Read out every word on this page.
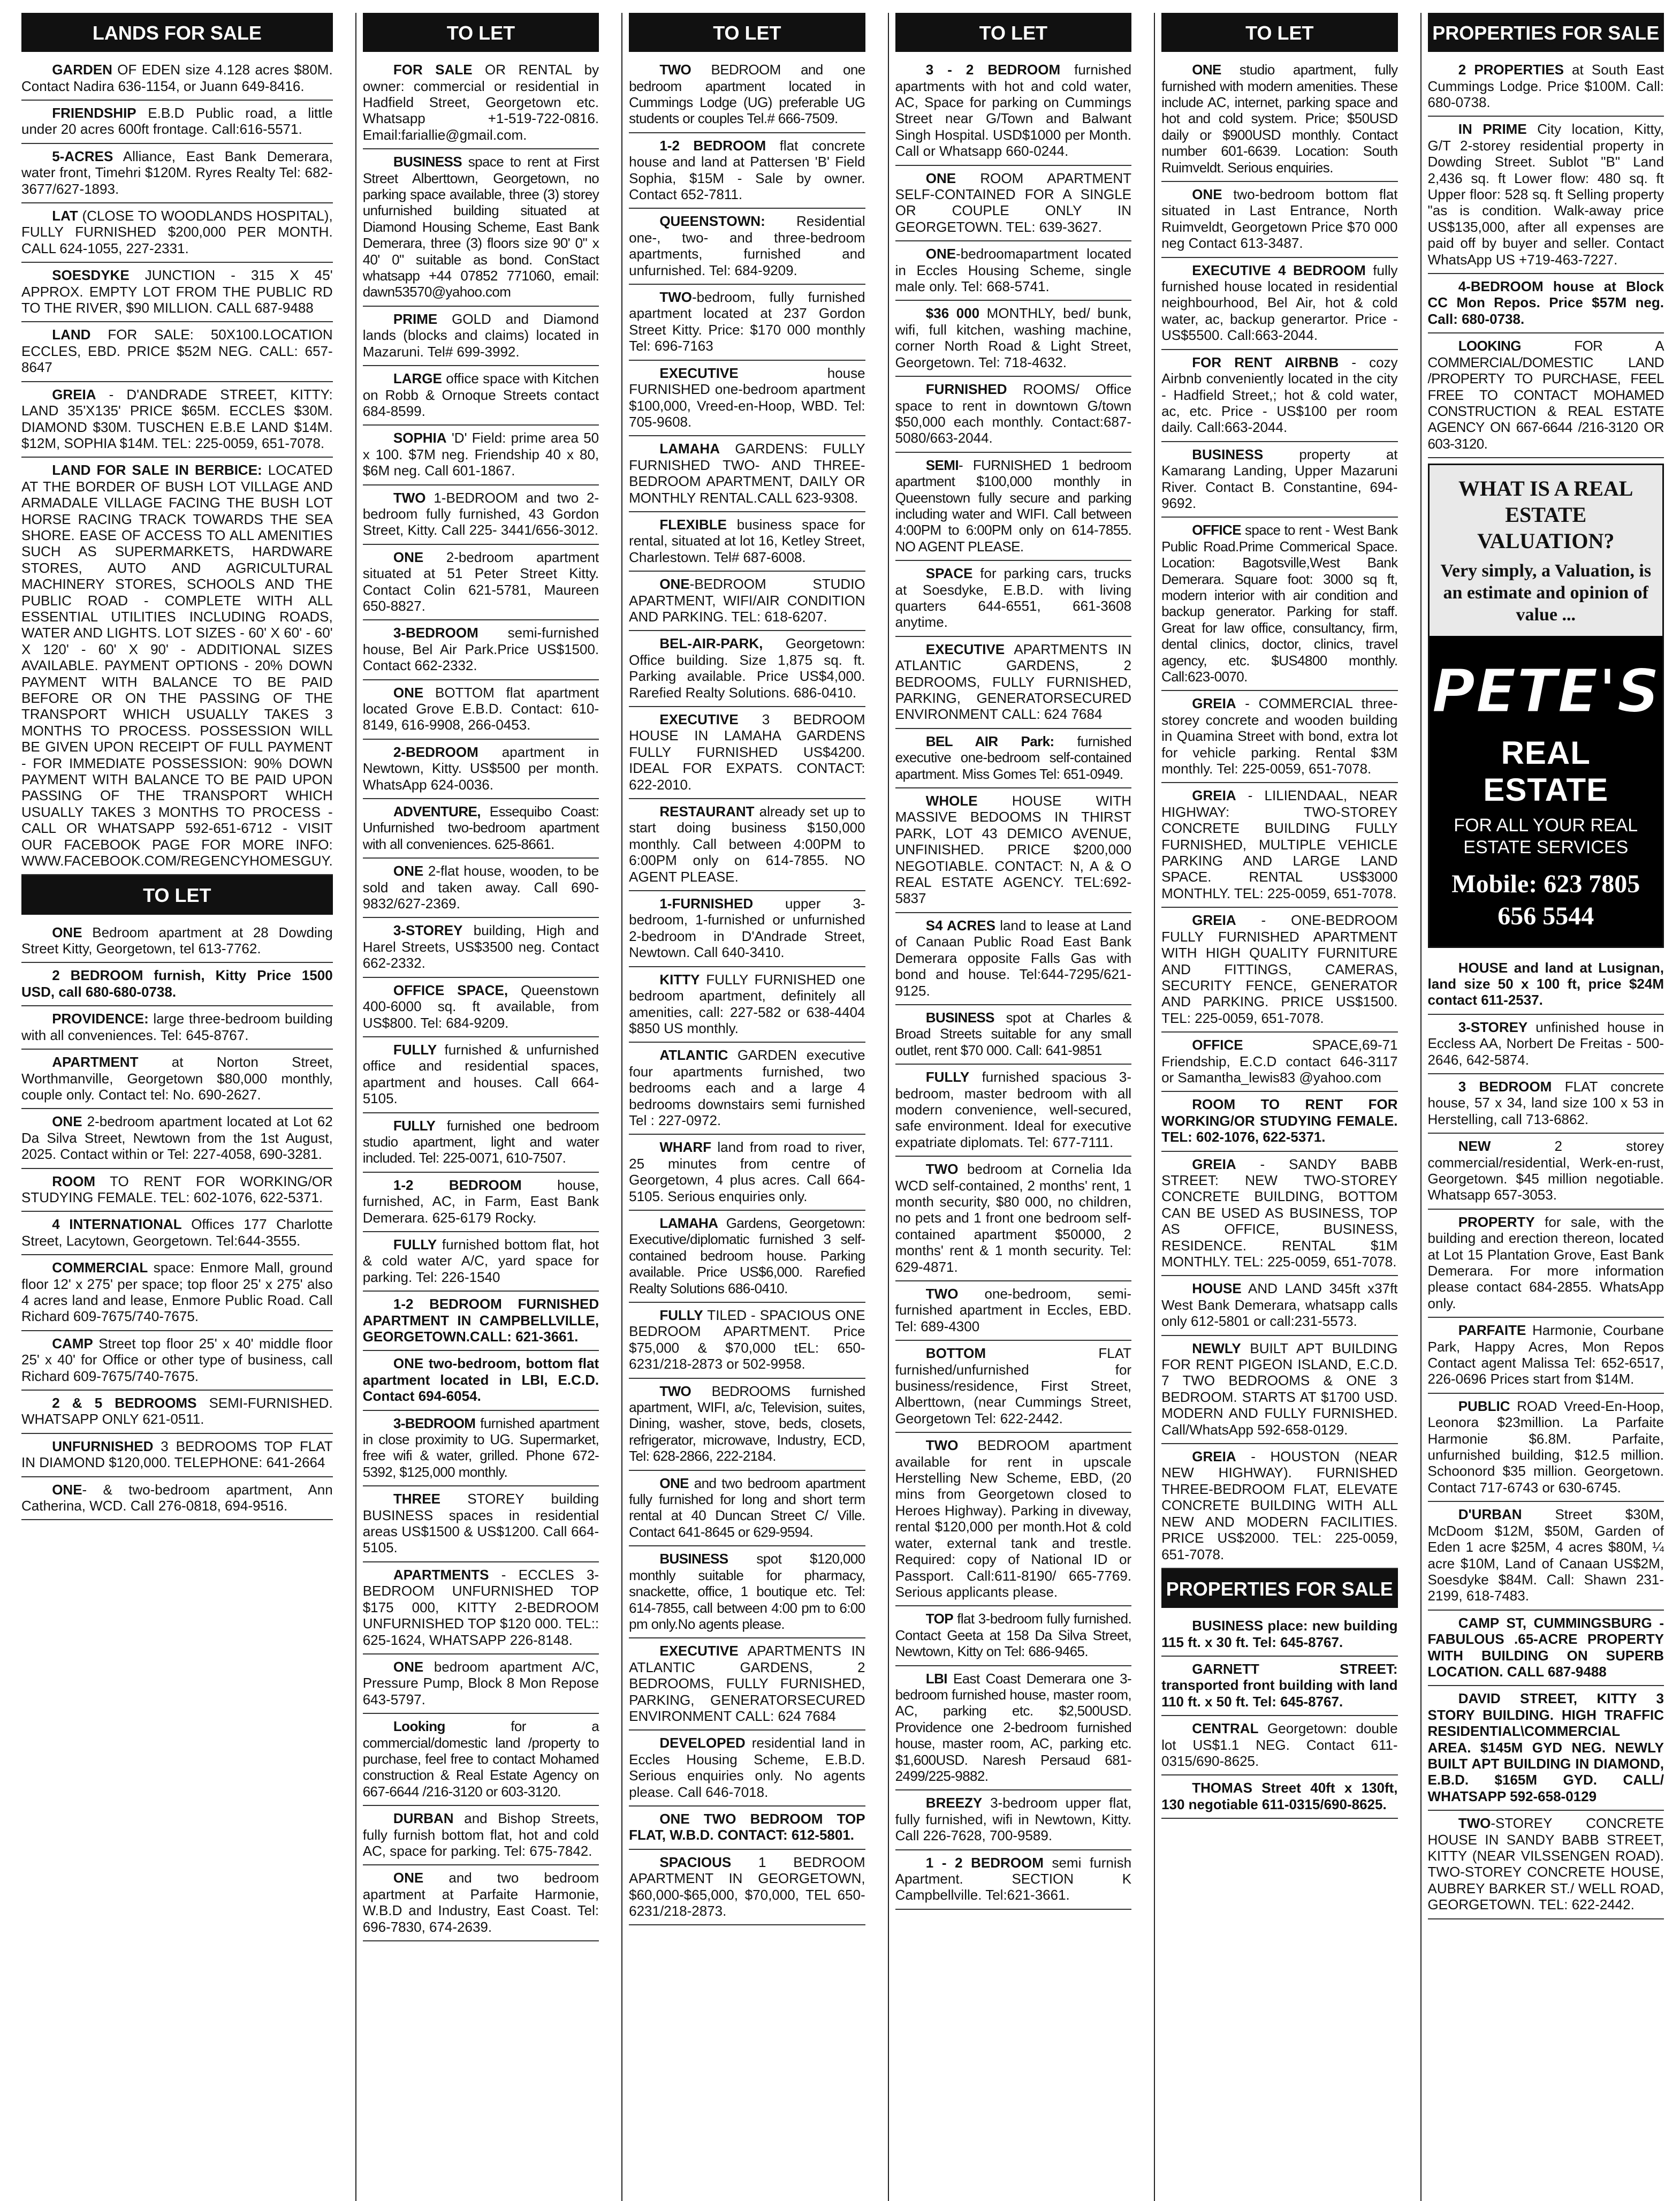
LANDS FOR SALE

GARDEN OF EDEN size 4.128 acres $80M. Contact Nadira 636-1154, or Juann 649-8416.

FRIENDSHIP E.B.D Public road, a little under 20 acres 600ft frontage. Call:616-5571.

5-ACRES Alliance, East Bank Demerara, water front, Timehri $120M. Ryres Realty Tel: 682-3677/627-1893.

LAT (CLOSE TO WOODLANDS HOSPITAL), FULLY FURNISHED $200,000 PER MONTH. CALL 624-1055, 227-2331.

SOESDYKE JUNCTION - 315 X 45' APPROX. EMPTY LOT FROM THE PUBLIC RD TO THE RIVER, $90 MILLION. CALL 687-9488

LAND FOR SALE: 50X100.LOCATION ECCLES, EBD. PRICE $52M NEG. CALL: 657-8647

GREIA - D'ANDRADE STREET, KITTY: LAND 35'X135' PRICE $65M. ECCLES $30M. DIAMOND $30M. TUSCHEN E.B.E LAND $14M. $12M, SOPHIA $14M. TEL: 225-0059, 651-7078.

LAND FOR SALE IN BERBICE: LOCATED AT THE BORDER OF BUSH LOT VILLAGE AND ARMADALE VILLAGE FACING THE BUSH LOT HORSE RACING TRACK TOWARDS THE SEA SHORE. EASE OF ACCESS TO ALL AMENITIES SUCH AS SUPERMARKETS, HARDWARE STORES, AUTO AND AGRICULTURAL MACHINERY STORES, SCHOOLS AND THE PUBLIC ROAD - COMPLETE WITH ALL ESSENTIAL UTILITIES INCLUDING ROADS, WATER AND LIGHTS. LOT SIZES - 60' X 60' - 60' X 120' - 60' X 90' - ADDITIONAL SIZES AVAILABLE. PAYMENT OPTIONS - 20% DOWN PAYMENT WITH BALANCE TO BE PAID BEFORE OR ON THE PASSING OF THE TRANSPORT WHICH USUALLY TAKES 3 MONTHS TO PROCESS. POSSESSION WILL BE GIVEN UPON RECEIPT OF FULL PAYMENT - FOR IMMEDIATE POSSESSION: 90% DOWN PAYMENT WITH BALANCE TO BE PAID UPON PASSING OF THE TRANSPORT WHICH USUALLY TAKES 3 MONTHS TO PROCESS - CALL OR WHATSAPP 592-651-6712 - VISIT OUR FACEBOOK PAGE FOR MORE INFO: WWW.FACEBOOK.COM/REGENCYHOMESGUY.

TO LET

ONE Bedroom apartment at 28 Dowding Street Kitty, Georgetown, tel 613-7762.

2 BEDROOM furnish, Kitty Price 1500 USD, call 680-680-0738.

PROVIDENCE: large three-bedroom building with all conveniences. Tel: 645-8767.

APARTMENT at Norton Street, Worthmanville, Georgetown $80,000 monthly, couple only. Contact tel: No. 690-2627.

ONE 2-bedroom apartment located at Lot 62 Da Silva Street, Newtown from the 1st August, 2025. Contact within or Tel: 227-4058, 690-3281.

ROOM TO RENT FOR WORKING/OR STUDYING FEMALE. TEL: 602-1076, 622-5371.

4 INTERNATIONAL Offices 177 Charlotte Street, Lacytown, Georgetown. Tel:644-3555.

COMMERCIAL space: Enmore Mall, ground floor 12' x 275' per space; top floor 25' x 275' also 4 acres land and lease, Enmore Public Road. Call Richard 609-7675/740-7675.

CAMP Street top floor 25' x 40' middle floor 25' x 40' for Office or other type of business, call Richard 609-7675/740-7675.

2 & 5 BEDROOMS SEMI-FURNISHED. WHATSAPP ONLY 621-0511.

UNFURNISHED 3 BEDROOMS TOP FLAT IN DIAMOND $120,000. TELEPHONE: 641-2664

ONE- & two-bedroom apartment, Ann Catherina, WCD. Call 276-0818, 694-9516.

TO LET

FOR SALE OR RENTAL by owner: commercial or residential in Hadfield Street, Georgetown etc. Whatsapp +1-519-722-0816. Email:fariallie@gmail.com.

BUSINESS space to rent at First Street Alberttown, Georgetown, no parking space available, three (3) storey unfurnished building situated at Diamond Housing Scheme, East Bank Demerara, three (3) floors size 90' 0" x 40' 0" suitable as bond. ConStact whatsapp +44 07852 771060, email: dawn53570@yahoo.com

PRIME GOLD and Diamond lands (blocks and claims) located in Mazaruni. Tel# 699-3992.

LARGE office space with Kitchen on Robb & Ornoque Streets contact 684-8599.

SOPHIA 'D' Field: prime area 50 x 100. $7M neg. Friendship 40 x 80, $6M neg. Call 601-1867.

TWO 1-BEDROOM and two 2-bedroom fully furnished, 43 Gordon Street, Kitty. Call 225- 3441/656-3012.

ONE 2-bedroom apartment situated at 51 Peter Street Kitty. Contact Colin 621-5781, Maureen 650-8827.

3-BEDROOM semi-furnished house, Bel Air Park.Price US$1500. Contact 662-2332.

ONE BOTTOM flat apartment located Grove E.B.D. Contact: 610-8149, 616-9908, 266-0453.

2-BEDROOM apartment in Newtown, Kitty. US$500 per month. WhatsApp 624-0036.

ADVENTURE, Essequibo Coast: Unfurnished two-bedroom apartment with all conveniences. 625-8661.

ONE 2-flat house, wooden, to be sold and taken away. Call 690-9832/627-2369.

3-STOREY building, High and Harel Streets, US$3500 neg. Contact 662-2332.

OFFICE SPACE, Queenstown 400-6000 sq. ft available, from US$800. Tel: 684-9209.

FULLY furnished & unfurnished office and residential spaces, apartment and houses. Call 664-5105.

FULLY furnished one bedroom studio apartment, light and water included. Tel: 225-0071, 610-7507.

1-2 BEDROOM house, furnished, AC, in Farm, East Bank Demerara. 625-6179 Rocky.

FULLY furnished bottom flat, hot & cold water A/C, yard space for parking. Tel: 226-1540

1-2 BEDROOM FURNISHED APARTMENT IN CAMPBELLVILLE, GEORGETOWN.CALL: 621-3661.

ONE two-bedroom, bottom flat apartment located in LBI, E.C.D. Contact 694-6054.

3-BEDROOM furnished apartment in close proximity to UG. Supermarket, free wifi & water, grilled. Phone 672-5392, $125,000 monthly.

THREE STOREY building BUSINESS spaces in residential areas US$1500 & US$1200. Call 664-5105.

APARTMENTS - ECCLES 3-BEDROOM UNFURNISHED TOP $175 000, KITTY 2-BEDROOM UNFURNISHED TOP $120 000. TEL:: 625-1624, WHATSAPP 226-8148.

ONE bedroom apartment A/C, Pressure Pump, Block 8 Mon Repose 643-5797.

Looking for a commercial/domestic land /property to purchase, feel free to contact Mohamed construction & Real Estate Agency on 667-6644 /216-3120 or 603-3120.

DURBAN and Bishop Streets, fully furnish bottom flat, hot and cold AC, space for parking. Tel: 675-7842.

ONE and two bedroom apartment at Parfaite Harmonie, W.B.D and Industry, East Coast. Tel: 696-7830, 674-2639.

TO LET

TWO BEDROOM and one bedroom apartment located in Cummings Lodge (UG) preferable UG students or couples Tel.# 666-7509.

1-2 BEDROOM flat concrete house and land at Pattersen 'B' Field Sophia, $15M - Sale by owner. Contact 652-7811.

QUEENSTOWN: Residential one-, two- and three-bedroom apartments, furnished and unfurnished. Tel: 684-9209.

TWO-bedroom, fully furnished apartment located at 237 Gordon Street Kitty. Price: $170 000 monthly Tel: 696-7163

EXECUTIVE house FURNISHED one-bedroom apartment $100,000, Vreed-en-Hoop, WBD. Tel: 705-9608.

LAMAHA GARDENS: FULLY FURNISHED TWO- AND THREE-BEDROOM APARTMENT, DAILY OR MONTHLY RENTAL.CALL 623-9308.

FLEXIBLE business space for rental, situated at lot 16, Ketley Street, Charlestown. Tel# 687-6008.

ONE-BEDROOM STUDIO APARTMENT, WIFI/AIR CONDITION AND PARKING. TEL: 618-6207.

BEL-AIR-PARK, Georgetown: Office building. Size 1,875 sq. ft. Parking available. Price US$4,000. Rarefied Realty Solutions. 686-0410.

EXECUTIVE 3 BEDROOM HOUSE IN LAMAHA GARDENS FULLY FURNISHED US$4200. IDEAL FOR EXPATS. CONTACT: 622-2010.

RESTAURANT already set up to start doing business $150,000 monthly. Call between 4:00PM to 6:00PM only on 614-7855. NO AGENT PLEASE.

1-FURNISHED upper 3-bedroom, 1-furnished or unfurnished 2-bedroom in D'Andrade Street, Newtown. Call 640-3410.

KITTY FULLY FURNISHED one bedroom apartment, definitely all amenities, call: 227-582 or 638-4404 $850 US monthly.

ATLANTIC GARDEN executive four apartments furnished, two bedrooms each and a large 4 bedrooms downstairs semi furnished Tel : 227-0972.

WHARF land from road to river, 25 minutes from centre of Georgetown, 4 plus acres. Call 664-5105. Serious enquiries only.

LAMAHA Gardens, Georgetown: Executive/diplomatic furnished 3 self-contained bedroom house. Parking available. Price US$6,000. Rarefied Realty Solutions 686-0410.

FULLY TILED - SPACIOUS ONE BEDROOM APARTMENT. Price $75,000 & $70,000 tEL: 650-6231/218-2873 or 502-9958.

TWO BEDROOMS furnished apartment, WIFI, a/c, Television, suites, Dining, washer, stove, beds, closets, refrigerator, microwave, Industry, ECD, Tel: 628-2866, 222-2184.

ONE and two bedroom apartment fully furnished for long and short term rental at 40 Duncan Street C/ Ville. Contact 641-8645 or 629-9594.

BUSINESS spot $120,000 monthly suitable for pharmacy, snackette, office, 1 boutique etc. Tel: 614-7855, call between 4:00 pm to 6:00 pm only.No agents please.

EXECUTIVE APARTMENTS IN ATLANTIC GARDENS, 2 BEDROOMS, FULLY FURNISHED, PARKING, GENERATORSECURED ENVIRONMENT CALL: 624 7684

DEVELOPED residential land in Eccles Housing Scheme, E.B.D. Serious enquiries only. No agents please. Call 646-7018.

ONE TWO BEDROOM TOP FLAT, W.B.D. CONTACT: 612-5801.

SPACIOUS 1 BEDROOM APARTMENT IN GEORGETOWN, $60,000-$65,000, $70,000, TEL 650-6231/218-2873.

TO LET

3 - 2 BEDROOM furnished apartments with hot and cold water, AC, Space for parking on Cummings Street near G/Town and Balwant Singh Hospital. USD$1000 per Month. Call or Whatsapp 660-0244.

ONE ROOM APARTMENT SELF-CONTAINED FOR A SINGLE OR COUPLE ONLY IN GEORGETOWN. TEL: 639-3627.

ONE-bedroomapartment located in Eccles Housing Scheme, single male only. Tel: 668-5741.

$36 000 MONTHLY, bed/ bunk, wifi, full kitchen, washing machine, corner North Road & Light Street, Georgetown. Tel: 718-4632.

FURNISHED ROOMS/ Office space to rent in downtown G/town $50,000 each monthly. Contact:687-5080/663-2044.

SEMI- FURNISHED 1 bedroom apartment $100,000 monthly in Queenstown fully secure and parking including water and WIFI. Call between 4:00PM to 6:00PM only on 614-7855. NO AGENT PLEASE.

SPACE for parking cars, trucks at Soesdyke, E.B.D. with living quarters 644-6551, 661-3608 anytime.

EXECUTIVE APARTMENTS IN ATLANTIC GARDENS, 2 BEDROOMS, FULLY FURNISHED, PARKING, GENERATORSECURED ENVIRONMENT CALL: 624 7684

BEL AIR Park: furnished executive one-bedroom self-contained apartment. Miss Gomes Tel: 651-0949.

WHOLE HOUSE WITH MASSIVE BEDOOMS IN THIRST PARK, LOT 43 DEMICO AVENUE, UNFINISHED. PRICE $200,000 NEGOTIABLE. CONTACT: N, A & O REAL ESTATE AGENCY. TEL:692-5837

S4 ACRES land to lease at Land of Canaan Public Road East Bank Demerara opposite Falls Gas with bond and house. Tel:644-7295/621-9125.

BUSINESS spot at Charles & Broad Streets suitable for any small outlet, rent $70 000. Call: 641-9851

FULLY furnished spacious 3-bedroom, master bedroom with all modern convenience, well-secured, safe environment. Ideal for executive expatriate diplomats. Tel: 677-7111.

TWO bedroom at Cornelia Ida WCD self-contained, 2 months' rent, 1 month security, $80 000, no children, no pets and 1 front one bedroom self-contained apartment $50000, 2 months' rent & 1 month security. Tel: 629-4871.

TWO one-bedroom, semi-furnished apartment in Eccles, EBD. Tel: 689-4300

BOTTOM FLAT furnished/unfurnished for business/residence, First Street, Alberttown, (near Cummings Street, Georgetown Tel: 622-2442.

TWO BEDROOM apartment available for rent in upscale Herstelling New Scheme, EBD, (20 mins from Georgetown closed to Heroes Highway). Parking in diveway, rental $120,000 per month.Hot & cold water, external tank and trestle. Required: copy of National ID or Passport. Call:611-8190/ 665-7769. Serious applicants please.

TOP flat 3-bedroom fully furnished. Contact Geeta at 158 Da Silva Street, Newtown, Kitty on Tel: 686-9465.

LBI East Coast Demerara one 3-bedroom furnished house, master room, AC, parking etc. $2,500USD. Providence one 2-bedroom furnished house, master room, AC, parking etc. $1,600USD. Naresh Persaud 681-2499/225-9882.

BREEZY 3-bedroom upper flat, fully furnished, wifi in Newtown, Kitty. Call 226-7628, 700-9589.

1 - 2 BEDROOM semi furnish Apartment. SECTION K Campbellville. Tel:621-3661.

TO LET

ONE studio apartment, fully furnished with modern amenities. These include AC, internet, parking space and hot and cold system. Price; $50USD daily or $900USD monthly. Contact number 601-6639. Location: South Ruimveldt. Serious enquiries.

ONE two-bedroom bottom flat situated in Last Entrance, North Ruimveldt, Georgetown Price $70 000 neg Contact 613-3487.

EXECUTIVE 4 BEDROOM fully furnished house located in residential neighbourhood, Bel Air, hot & cold water, ac, backup generartor. Price - US$5500. Call:663-2044.

FOR RENT AIRBNB - cozy Airbnb conveniently located in the city - Hadfield Street,; hot & cold water, ac, etc. Price - US$100 per room daily. Call:663-2044.

BUSINESS property at Kamarang Landing, Upper Mazaruni River. Contact B. Constantine, 694-9692.

OFFICE space to rent - West Bank Public Road.Prime Commerical Space. Location: Bagotsville,West Bank Demerara. Square foot: 3000 sq ft, modern interior with air condition and backup generator. Parking for staff. Great for law office, consultancy, firm, dental clinics, doctor, clinics, travel agency, etc. $US4800 monthly. Call:623-0070.

GREIA - COMMERCIAL three-storey concrete and wooden building in Quamina Street with bond, extra lot for vehicle parking. Rental $3M monthly. Tel: 225-0059, 651-7078.

GREIA - LILIENDAAL, NEAR HIGHWAY: TWO-STOREY CONCRETE BUILDING FULLY FURNISHED, MULTIPLE VEHICLE PARKING AND LARGE LAND SPACE. RENTAL US$3000 MONTHLY. TEL: 225-0059, 651-7078.

GREIA - ONE-BEDROOM FULLY FURNISHED APARTMENT WITH HIGH QUALITY FURNITURE AND FITTINGS, CAMERAS, SECURITY FENCE, GENERATOR AND PARKING. PRICE US$1500. TEL: 225-0059, 651-7078.

OFFICE SPACE,69-71 Friendship, E.C.D contact 646-3117 or Samantha_lewis83 @yahoo.com

ROOM TO RENT FOR WORKING/OR STUDYING FEMALE. TEL: 602-1076, 622-5371.

GREIA - SANDY BABB STREET: NEW TWO-STOREY CONCRETE BUILDING, BOTTOM CAN BE USED AS BUSINESS, TOP AS OFFICE, BUSINESS, RESIDENCE. RENTAL $1M MONTHLY. TEL: 225-0059, 651-7078.

HOUSE AND LAND 345ft x37ft West Bank Demerara, whatsapp calls only 612-5801 or call:231-5573.

NEWLY BUILT APT BUILDING FOR RENT PIGEON ISLAND, E.C.D. 7 TWO BEDROOMS & ONE 3 BEDROOM. STARTS AT $1700 USD. MODERN AND FULLY FURNISHED. Call/WhatsApp 592-658-0129.

GREIA - HOUSTON (NEAR NEW HIGHWAY). FURNISHED THREE-BEDROOM FLAT, ELEVATE CONCRETE BUILDING WITH ALL NEW AND MODERN FACILITIES. PRICE US$2000. TEL: 225-0059, 651-7078.

PROPERTIES FOR SALE

BUSINESS place: new building 115 ft. x 30 ft. Tel: 645-8767.

GARNETT STREET: transported front building with land 110 ft. x 50 ft. Tel: 645-8767.

CENTRAL Georgetown: double lot US$1.1 NEG. Contact 611-0315/690-8625.

THOMAS Street 40ft x 130ft, 130 negotiable 611-0315/690-8625.

PROPERTIES FOR SALE

2 PROPERTIES at South East Cummings Lodge. Price $100M. Call: 680-0738.

IN PRIME City location, Kitty, G/T 2-storey residential property in Dowding Street. Sublot "B" Land 2,436 sq. ft Lower flow: 480 sq. ft Upper floor: 528 sq. ft Selling property "as is condition. Walk-away price US$135,000, after all expenses are paid off by buyer and seller. Contact WhatsApp US +719-463-7227.

4-BEDROOM house at Block CC Mon Repos. Price $57M neg. Call: 680-0738.

LOOKING FOR A COMMERCIAL/DOMESTIC LAND /PROPERTY TO PURCHASE, FEEL FREE TO CONTACT MOHAMED CONSTRUCTION & REAL ESTATE AGENCY ON 667-6644 /216-3120 OR 603-3120.

WHAT IS A REAL ESTATE VALUATION?
Very simply, a Valuation, is an estimate and opinion of value ...
PETE'S
REAL ESTATE
FOR ALL YOUR REAL ESTATE SERVICES
Mobile: 623 7805 656 5544

HOUSE and land at Lusignan, land size 50 x 100 ft, price $24M contact 611-2537.

3-STOREY unfinished house in Eccless AA, Norbert De Freitas - 500-2646, 642-5874.

3 BEDROOM FLAT concrete house, 57 x 34, land size 100 x 53 in Herstelling, call 713-6862.

NEW 2 storey commercial/residential, Werk-en-rust, Georgetown. $45 million negotiable. Whatsapp 657-3053.

PROPERTY for sale, with the building and erection thereon, located at Lot 15 Plantation Grove, East Bank Demerara. For more information please contact 684-2855. WhatsApp only.

PARFAITE Harmonie, Courbane Park, Happy Acres, Mon Repos Contact agent Malissa Tel: 652-6517, 226-0696 Prices start from $14M.

PUBLIC ROAD Vreed-En-Hoop, Leonora $23million. La Parfaite Harmonie $6.8M. Parfaite, unfurnished building, $12.5 million. Schoonord $35 million. Georgetown. Contact 717-6743 or 630-6745.

D'URBAN Street $30M, McDoom $12M, $50M, Garden of Eden 1 acre $25M, 4 acres $80M, ¼ acre $10M, Land of Canaan US$2M, Soesdyke $84M. Call: Shawn 231-2199, 618-7483.

CAMP ST, CUMMINGSBURG - FABULOUS .65-ACRE PROPERTY WITH BUILDING ON SUPERB LOCATION. CALL 687-9488

DAVID STREET, KITTY 3 STORY BUILDING. HIGH TRAFFIC RESIDENTIAL\COMMERCIAL AREA. $145M GYD NEG. NEWLY BUILT APT BUILDING IN DIAMOND, E.B.D. $165M GYD. CALL/ WHATSAPP 592-658-0129

TWO-STOREY CONCRETE HOUSE IN SANDY BABB STREET, KITTY (NEAR VILSSENGEN ROAD). TWO-STOREY CONCRETE HOUSE, AUBREY BARKER ST./ WELL ROAD, GEORGETOWN. TEL: 622-2442.
